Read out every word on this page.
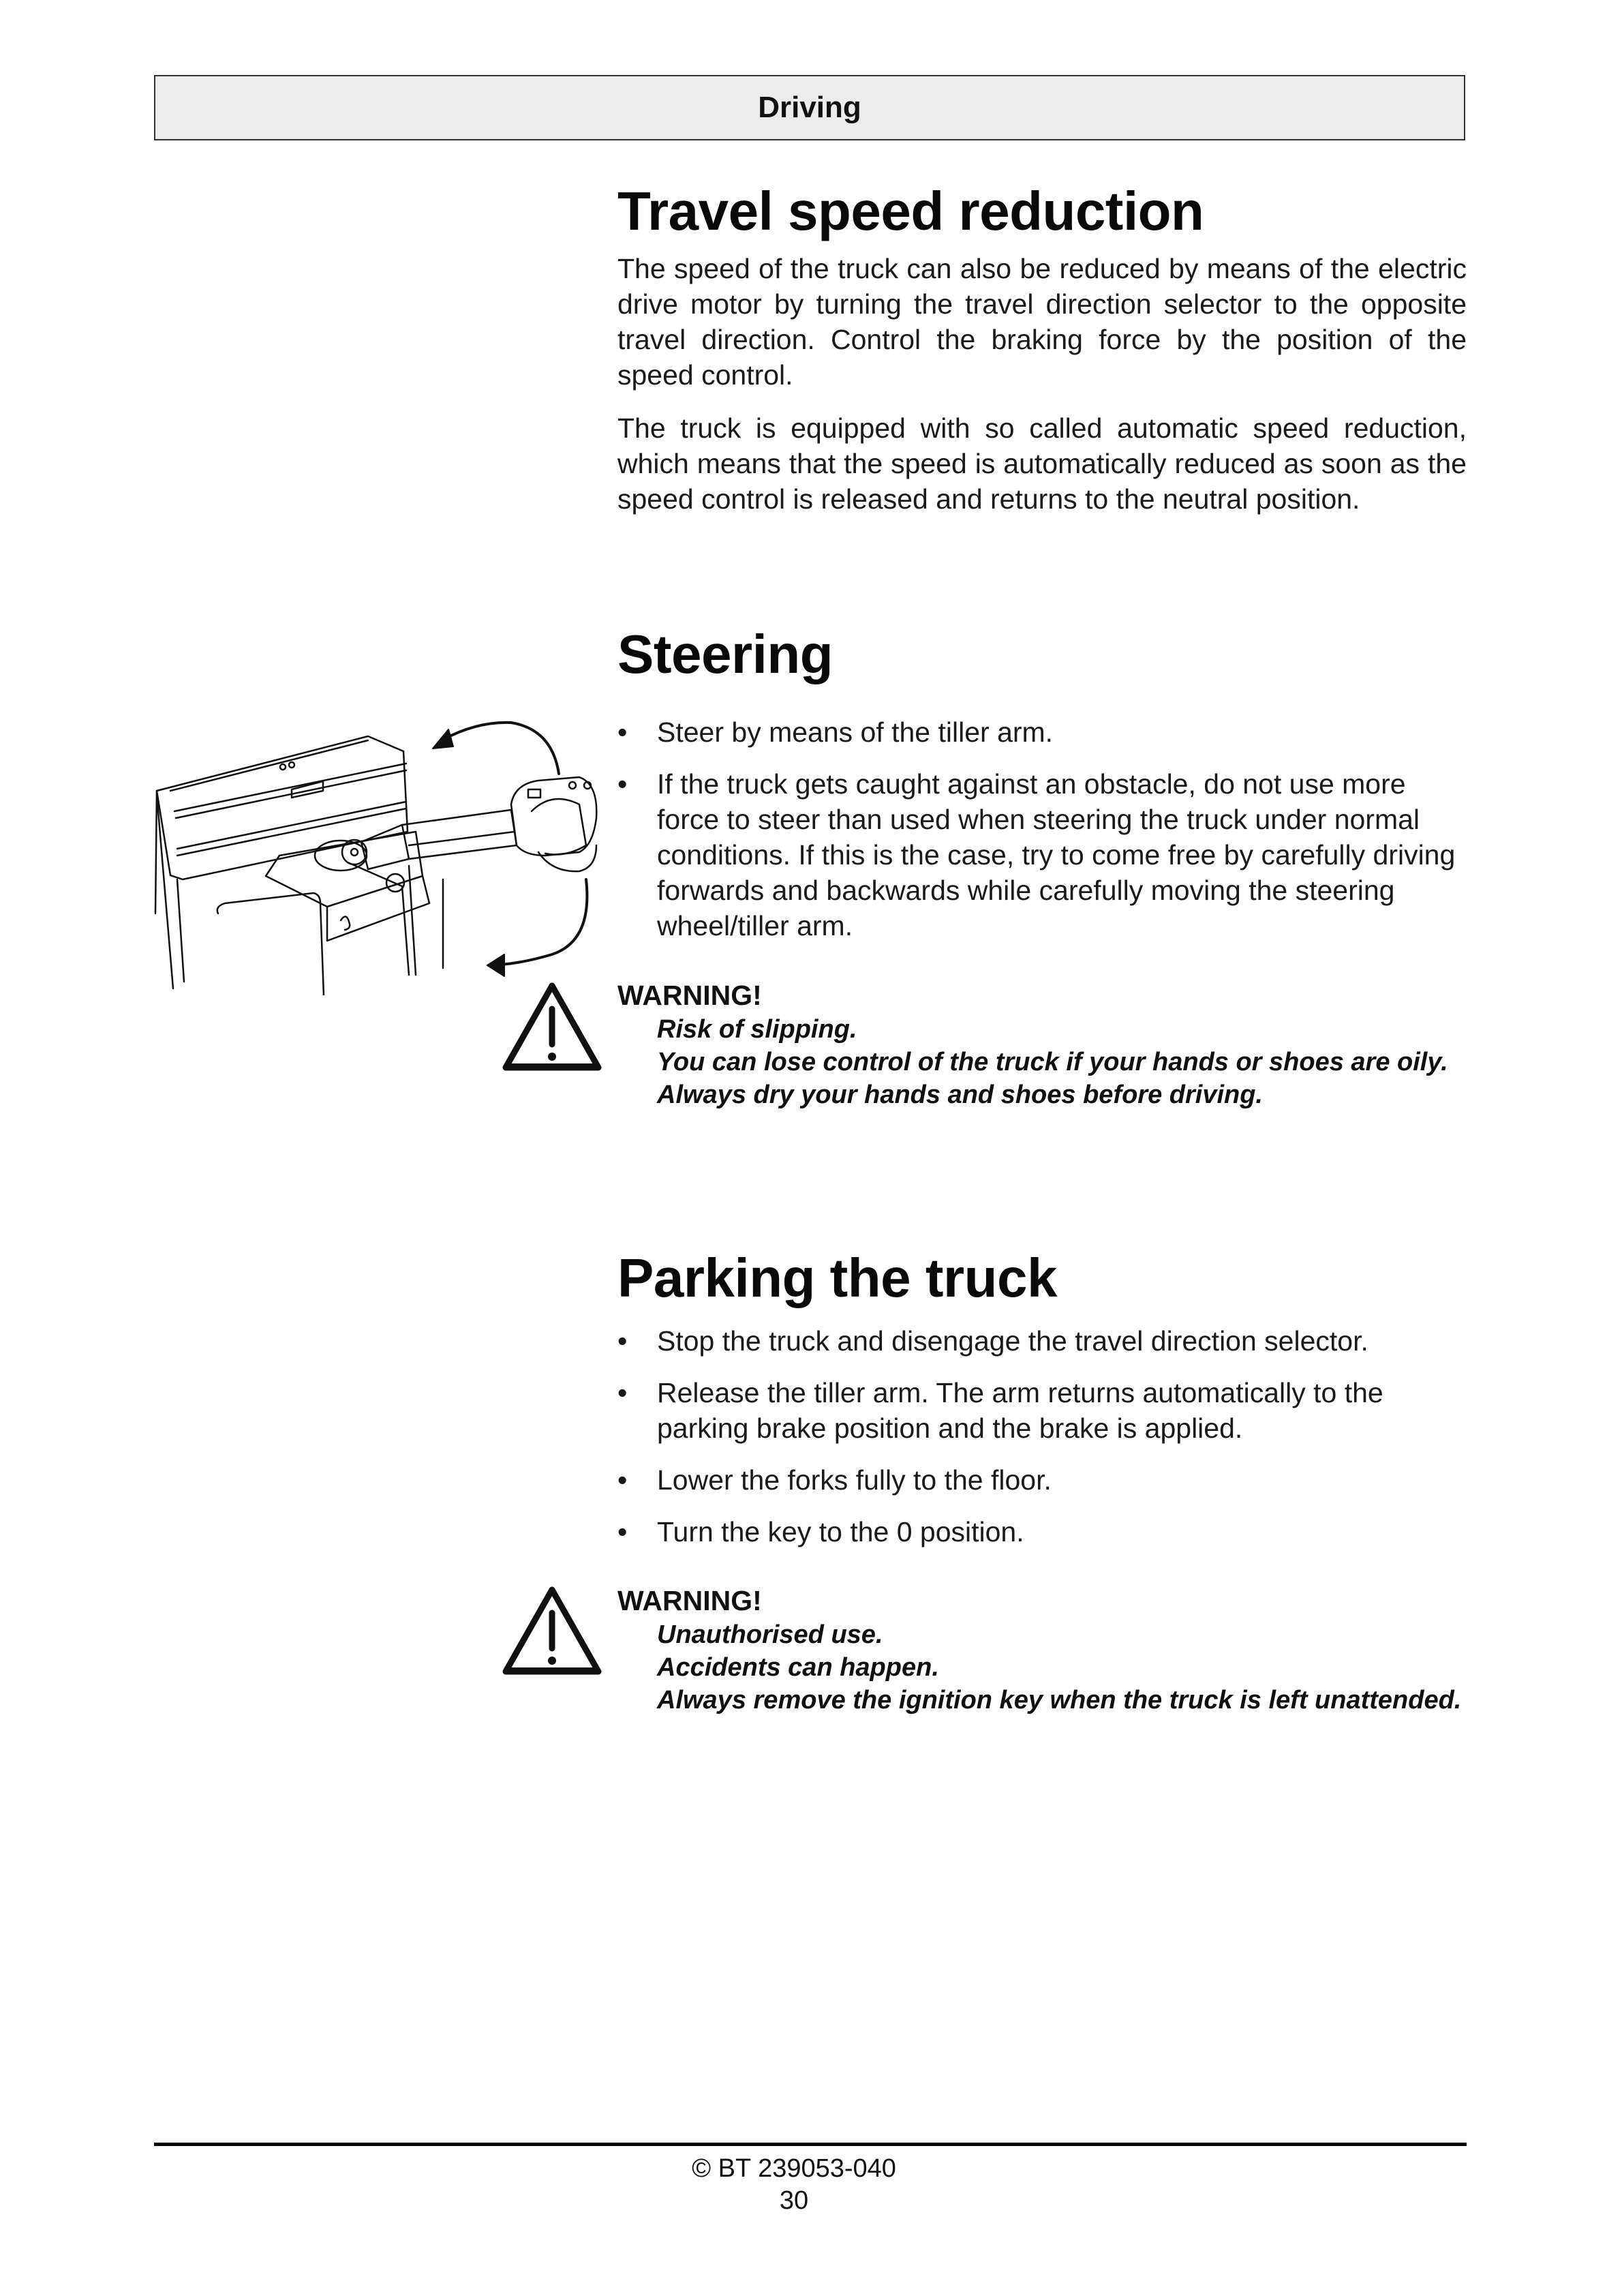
Driving
Travel speed reduction

The speed of the truck can also be reduced by means of the electric drive motor by turning the travel direction selector to the opposite travel direction. Control the braking force by the position of the speed control.

The truck is equipped with so called automatic speed reduction, which means that the speed is automatically reduced as soon as the speed control is released and returns to the neutral position.

Steering
•	Steer by means of the tiller arm.
•	If the truck gets caught against an obstacle, do not use more force to steer than used when steering the truck under normal conditions. If this is the case, try to come free by carefully driving forwards and backwards while carefully moving the steering wheel/tiller arm.
WARNING!
Risk of slipping.
You can lose control of the truck if your hands or shoes are oily.
Always dry your hands and shoes before driving.
Parking the truck
•	Stop the truck and disengage the travel direction selector.
•	Release the tiller arm. The arm returns automatically to the parking brake position and the brake is applied.
•	Lower the forks fully to the floor.
•	Turn the key to the 0 position.
WARNING!
Unauthorised use.
Accidents can happen.
Always remove the ignition key when the truck is left unattended.
© BT 239053-040
30
